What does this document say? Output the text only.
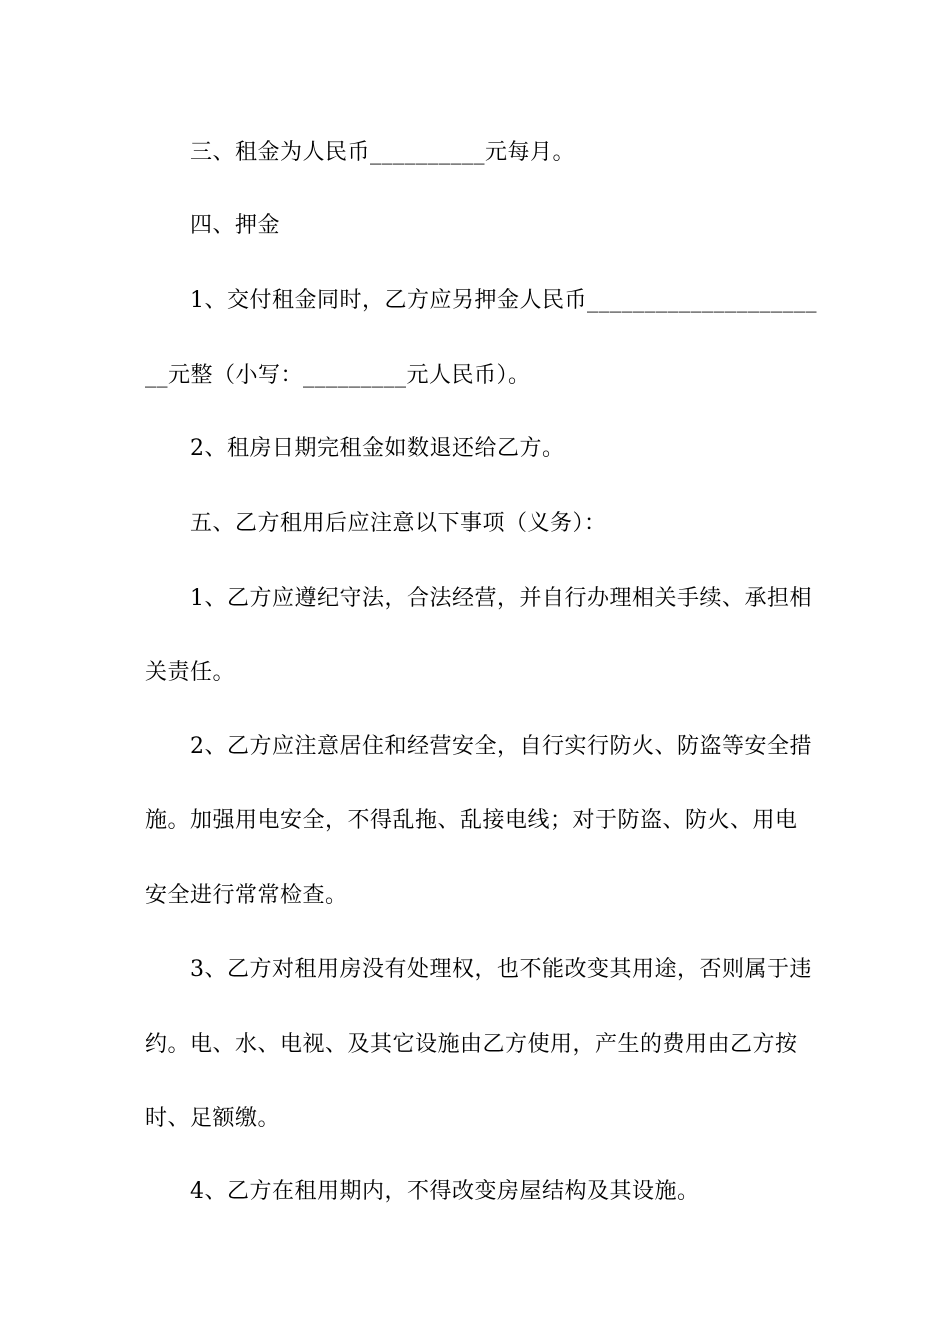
三、租金为人民币__________元每月。
四、押金
1、交付租金同时，乙方应另押金人民币____________________
__元整（小写：_________元人民币）。
2、租房日期完租金如数退还给乙方。
五、乙方租用后应注意以下事项（义务）：
1、乙方应遵纪守法，合法经营，并自行办理相关手续、承担相
关责任。
2、乙方应注意居住和经营安全，自行实行防火、防盗等安全措
施。加强用电安全，不得乱拖、乱接电线；对于防盗、防火、用电
安全进行常常检查。
3、乙方对租用房没有处理权，也不能改变其用途，否则属于违
约。电、水、电视、及其它设施由乙方使用，产生的费用由乙方按
时、足额缴。
4、乙方在租用期内，不得改变房屋结构及其设施。
